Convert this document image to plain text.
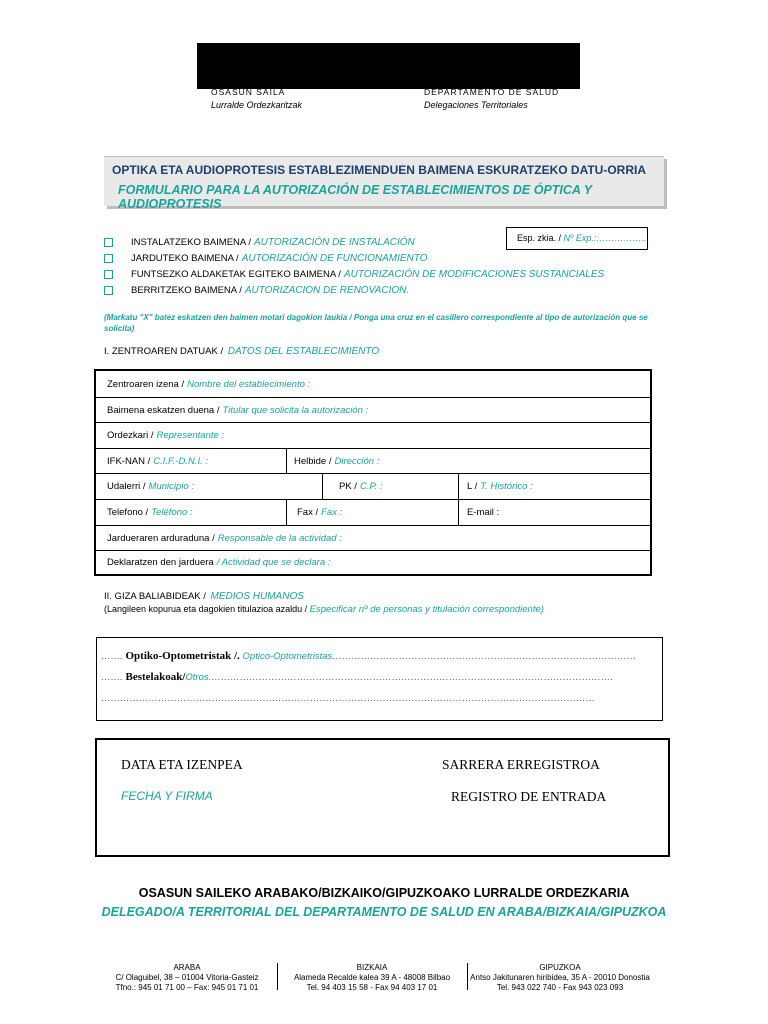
OSASUN SAILA
Lurralde Ordezkaritzak
DEPARTAMENTO DE SALUD
Delegaciones Territoriales
OPTIKA ETA AUDIOPROTESIS ESTABLEZIMENDUEN BAIMENA ESKURATZEKO DATU-ORRIA
FORMULARIO PARA LA AUTORIZACIÓN DE ESTABLECIMIENTOS DE ÓPTICA Y AUDIOPROTESIS
Esp. zkia. / Nº Exp.:……………..
INSTALATZEKO BAIMENA / AUTORIZACIÓN DE INSTALACIÓN
JARDUTEKO BAIMENA / AUTORIZACIÓN DE FUNCIONAMIENTO
FUNTSEZKO ALDAKETAK EGITEKO BAIMENA / AUTORIZACIÓN DE MODIFICACIONES SUSTANCIALES
BERRITZEKO BAIMENA / AUTORIZACION DE RENOVACION.
(Markatu "X" batez eskatzen den baimen motari dagokion laukia / Ponga una cruz en el casillero correspondiente al tipo de autorización que se solicita)
I. ZENTROAREN DATUAK / DATOS DEL ESTABLECIMIENTO
Zentroaren izena / Nombre del establecimiento :
Baimena eskatzen duena / Titular que solicita la autorización :
Ordezkari / Representante :
IFK-NAN / C.I.F.-D.N.I. :	Helbide / Dirección :
Udalerri / Municipio :	PK / C.P. :	L / T. Histórico :
Telefono / Teléfono :	Fax / Fax :	E-mail :
Jardueraren arduraduna / Responsable de la actividad :
Deklaratzen den jarduera / Actividad que se declara :
II. GIZA BALIABIDEAK / MEDIOS HUMANOS
(Langileen kopurua eta dagokien titulazioa azaldu / Especificar nº de personas y titulación correspondiente)
……. Optiko-Optometristak /. Optico-Optometristas……………………………………………………………………………………
……. Bestelakoak/Otros.……………………………………………………………………………………………………………….
…………………………………………………………………………………………………………………………………………
DATA ETA IZENPEA
FECHA Y FIRMA
SARRERA ERREGISTROA
REGISTRO DE ENTRADA
OSASUN SAILEKO ARABAKO/BIZKAIKO/GIPUZKOAKO LURRALDE ORDEZKARIA
DELEGADO/A TERRITORIAL DEL DEPARTAMENTO DE SALUD EN ARABA/BIZKAIA/GIPUZKOA
ARABA
C/ Olaguibel, 38 – 01004 Vitoria-Gasteiz
Tfno.: 945 01 71 00 – Fax: 945 01 71 01
BIZKAIA
Alameda Recalde kalea 39 A - 48008 Bilbao
Tel. 94 403 15 58 - Fax 94 403 17 01
GIPUZKOA
Antso Jakitunaren hiribidea, 35 A - 20010 Donostia
Tel. 943 022 740 - Fax 943 023 093
